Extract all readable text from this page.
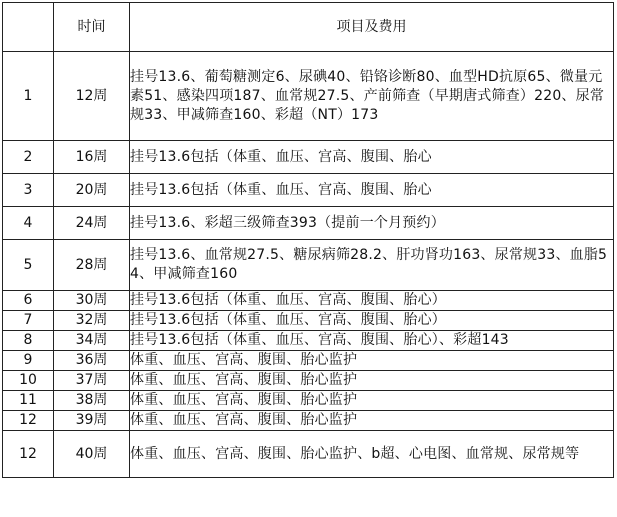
	时间	项目及费用
1	12周	挂号13.6、葡萄糖测定6、尿碘40、铅铬诊断80、血型HD抗原65、微量元素51、感染四项187、血常规27.5、产前筛查（早期唐式筛查）220、尿常规33、甲减筛查160、彩超（NT）173
2	16周	挂号13.6包括（体重、血压、宫高、腹围、胎心
3	20周	挂号13.6包括（体重、血压、宫高、腹围、胎心
4	24周	挂号13.6、彩超三级筛查393（提前一个月预约）
5	28周	挂号13.6、血常规27.5、糖尿病筛28.2、肝功肾功163、尿常规33、血脂54、甲减筛查160
6	30周	挂号13.6包括（体重、血压、宫高、腹围、胎心）
7	32周	挂号13.6包括（体重、血压、宫高、腹围、胎心）
8	34周	挂号13.6包括（体重、血压、宫高、腹围、胎心）、彩超143
9	36周	体重、血压、宫高、腹围、胎心监护
10	37周	体重、血压、宫高、腹围、胎心监护
11	38周	体重、血压、宫高、腹围、胎心监护
12	39周	体重、血压、宫高、腹围、胎心监护
12	40周	体重、血压、宫高、腹围、胎心监护、b超、心电图、血常规、尿常规等
